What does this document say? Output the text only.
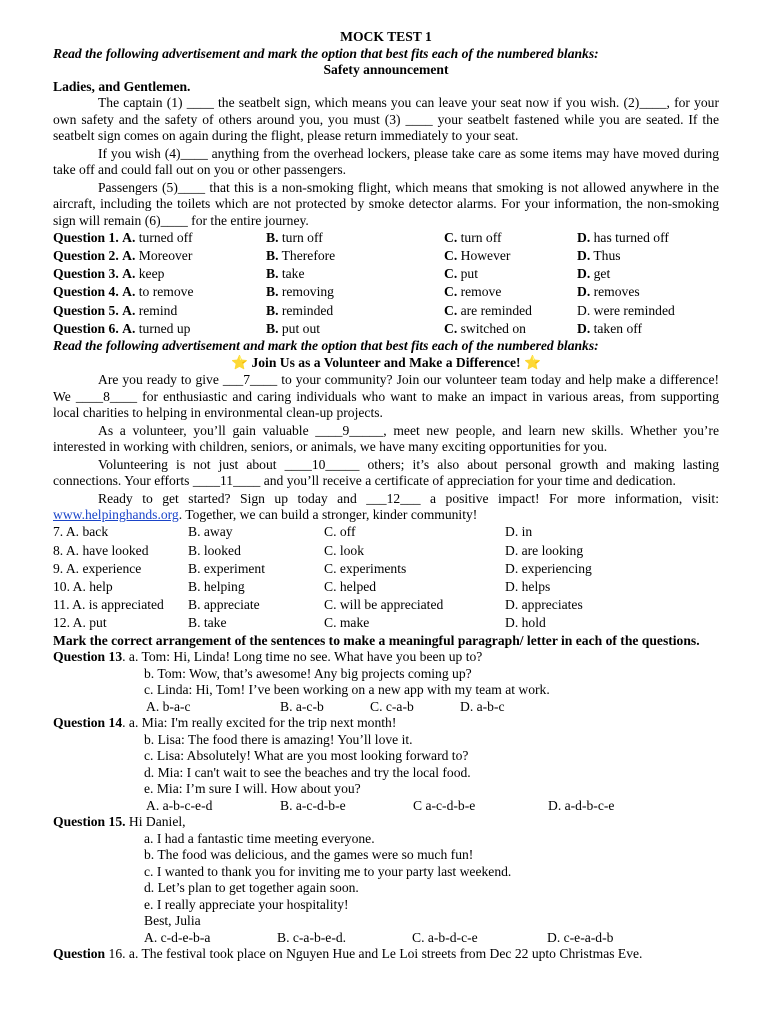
MOCK TEST 1

Read the following advertisement and mark the option that best fits each of the numbered blanks:

Safety announcement

Ladies, and Gentlemen.

The captain (1) ____ the seatbelt sign, which means you can leave your seat now if you wish. (2)____, for your own safety and the safety of others around you, you must (3) ____ your seatbelt fastened while you are seated. If the seatbelt sign comes on again during the flight, please return immediately to your seat.

If you wish (4)____ anything from the overhead lockers, please take care as some items may have moved during take off and could fall out on you or other passengers.

Passengers (5)____ that this is a non-smoking flight, which means that smoking is not allowed anywhere in the aircraft, including the toilets which are not protected by smoke detector alarms. For your information, the non-smoking sign will remain (6)____ for the entire journey.

Question 1. A. turned off	B. turn off	C. turn off	D. has turned off
Question 2. A. Moreover	B. Therefore	C. However	D. Thus
Question 3. A. keep	B. take	C. put	D. get
Question 4. A. to remove	B. removing	C. remove	D. removes
Question 5. A. remind	B. reminded	C. are reminded	D. were reminded
Question 6. A. turned up	B. put out	C. switched on	D. taken off

Read the following advertisement and mark the option that best fits each of the numbered blanks:

⭐ Join Us as a Volunteer and Make a Difference! ⭐

Are you ready to give ___7____ to your community? Join our volunteer team today and help make a difference! We ____8____ for enthusiastic and caring individuals who want to make an impact in various areas, from supporting local charities to helping in environmental clean-up projects.

As a volunteer, you’ll gain valuable ____9_____, meet new people, and learn new skills. Whether you’re interested in working with children, seniors, or animals, we have many exciting opportunities for you.

Volunteering is not just about ____10_____ others; it’s also about personal growth and making lasting connections. Your efforts ____11____ and you’ll receive a certificate of appreciation for your time and dedication.

Ready to get started? Sign up today and ___12___ a positive impact! For more information, visit: www.helpinghands.org. Together, we can build a stronger, kinder community!

7. A. back	B. away	C. off	D. in
8. A. have looked	B. looked	C. look	D. are looking
9. A. experience	B. experiment	C. experiments	D. experiencing
10. A. help	B. helping	C. helped	D. helps
11. A. is appreciated	B. appreciate	C. will be appreciated	D. appreciates
12. A. put	B. take	C. make	D. hold

Mark the correct arrangement of the sentences to make a meaningful paragraph/ letter in each of the questions.

Question 13. a. Tom: Hi, Linda! Long time no see. What have you been up to?

b. Tom: Wow, that’s awesome! Any big projects coming up?

c. Linda: Hi, Tom! I’ve been working on a new app with my team at work.

A. b-a-c	B. a-c-b	C. c-a-b	D. a-b-c

Question 14. a. Mia: I'm really excited for the trip next month!

b. Lisa: The food there is amazing! You’ll love it.

c. Lisa: Absolutely! What are you most looking forward to?

d. Mia: I can't wait to see the beaches and try the local food.

e. Mia: I’m sure I will. How about you?

A. a-b-c-e-d	B. a-c-d-b-e	C a-c-d-b-e	D. a-d-b-c-e

Question 15. Hi Daniel,

a. I had a fantastic time meeting everyone.

b. The food was delicious, and the games were so much fun!

c. I wanted to thank you for inviting me to your party last weekend.

d. Let’s plan to get together again soon.

e. I really appreciate your hospitality!

Best, Julia

A. c-d-e-b-a	B. c-a-b-e-d.	C. a-b-d-c-e	D. c-e-a-d-b

Question 16. a. The festival took place on Nguyen Hue and Le Loi streets from Dec 22 upto Christmas Eve.
